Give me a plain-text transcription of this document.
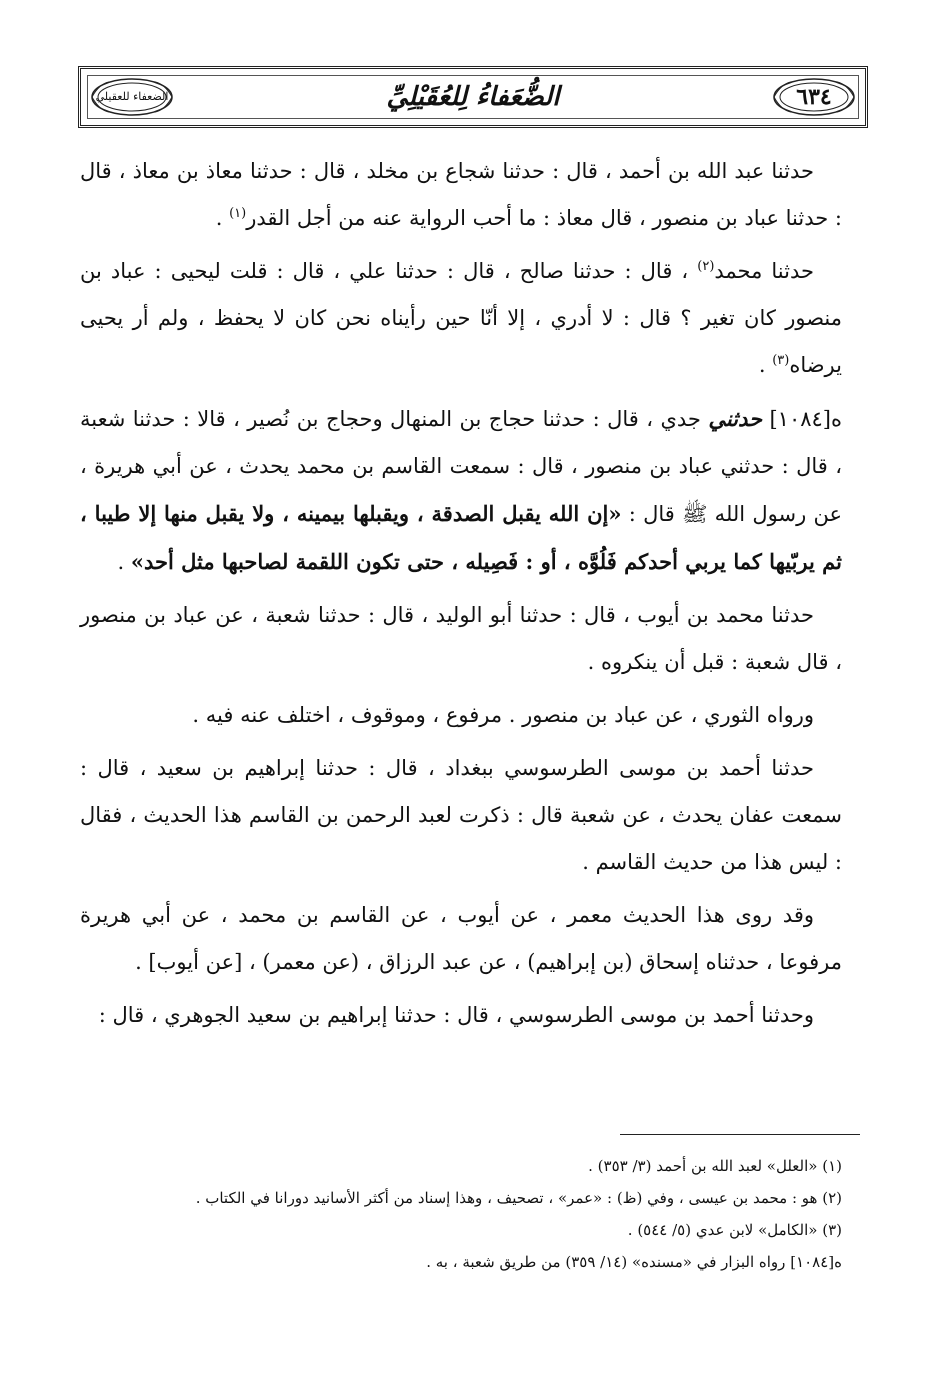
الضعفاء للعقيلي	الضُّعَفاءُ لِلعُقَيْلِيِّ	٦٣٤

حدثنا عبد الله بن أحمد ، قال : حدثنا شجاع بن مخلد ، قال : حدثنا معاذ بن معاذ ، قال : حدثنا عباد بن منصور ، قال معاذ : ما أحب الرواية عنه من أجل القدر$^{(١)}$ .

حدثنا محمد$^{(٢)}$ ، قال : حدثنا صالح ، قال : حدثنا علي ، قال : قلت ليحيى : عباد بن منصور كان تغير ؟ قال : لا أدري ، إلا أنّا حين رأيناه نحن كان لا يحفظ ، ولم أر يحيى يرضاه$^{(٣)}$ .

ه[١٠٨٤] حدثني جدي ، قال : حدثنا حجاج بن المنهال وحجاج بن نُصير ، قالا : حدثنا شعبة ، قال : حدثني عباد بن منصور ، قال : سمعت القاسم بن محمد يحدث ، عن أبي هريرة ، عن رسول الله ﷺ قال : «إن الله يقبل الصدقة ، ويقبلها بيمينه ، ولا يقبل منها إلا طيبا ، ثم يربّيها كما يربي أحدكم فَلُوَّه ، أو : فَصِيله ، حتى تكون اللقمة لصاحبها مثل أحد» .

حدثنا محمد بن أيوب ، قال : حدثنا أبو الوليد ، قال : حدثنا شعبة ، عن عباد بن منصور ، قال شعبة : قبل أن ينكروه .

ورواه الثوري ، عن عباد بن منصور . مرفوع ، وموقوف ، اختلف عنه فيه .

حدثنا أحمد بن موسى الطرسوسي ببغداد ، قال : حدثنا إبراهيم بن سعيد ، قال : سمعت عفان يحدث ، عن شعبة قال : ذكرت لعبد الرحمن بن القاسم هذا الحديث ، فقال : ليس هذا من حديث القاسم .

وقد روى هذا الحديث معمر ، عن أيوب ، عن القاسم بن محمد ، عن أبي هريرة مرفوعا ، حدثناه إسحاق (بن إبراهيم) ، عن عبد الرزاق ، (عن معمر) ، [عن أيوب] .

وحدثنا أحمد بن موسى الطرسوسي ، قال : حدثنا إبراهيم بن سعيد الجوهري ، قال :

(١) «العلل» لعبد الله بن أحمد (٣/ ٣٥٣) .
(٢) هو : محمد بن عيسى ، وفي (ظ) : «عمر» ، تصحيف ، وهذا إسناد من أكثر الأسانيد دورانا في الكتاب .
(٣) «الكامل» لابن عدي (٥/ ٥٤٤) .
ه[١٠٨٤] رواه البزار في «مسنده» (١٤/ ٣٥٩) من طريق شعبة ، به .
